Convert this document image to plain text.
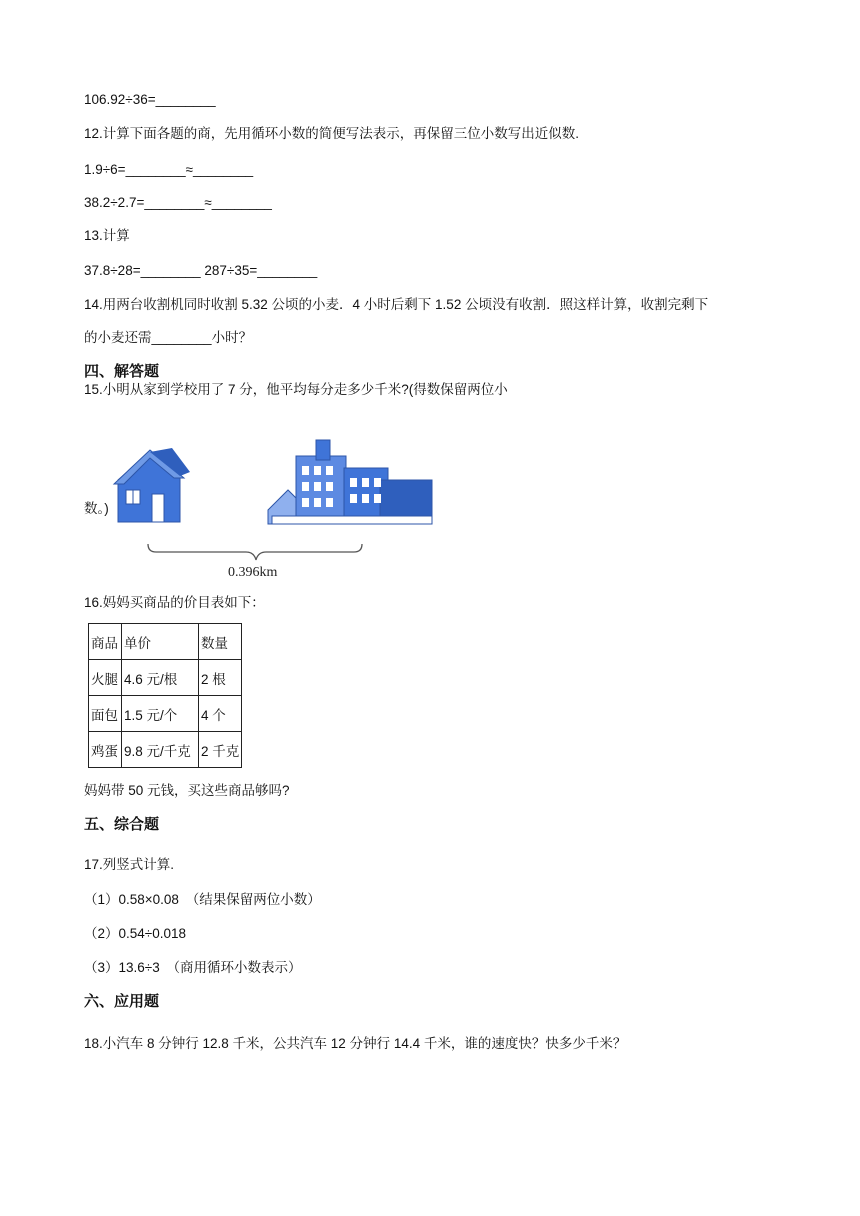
106.92÷36=________
12.计算下面各题的商，先用循环小数的简便写法表示，再保留三位小数写出近似数.
1.9÷6=________≈________
38.2÷2.7=________≈________
13.计算
37.8÷28=________ 287÷35=________
14.用两台收割机同时收割 5.32 公顷的小麦．4 小时后剩下 1.52 公顷没有收割．照这样计算，收割完剩下
的小麦还需________小时？
四、解答题
15.小明从家到学校用了 7 分，他平均每分走多少千米?(得数保留两位小
0.396km
数。)
16.妈妈买商品的价目表如下：
商品	单价	数量
火腿	4.6 元/根	2 根
面包	1.5 元/个	4 个
鸡蛋	9.8 元/千克	2 千克
妈妈带 50 元钱，买这些商品够吗?
五、综合题
17.列竖式计算.
（1）0.58×0.08　（结果保留两位小数）
（2）0.54÷0.018
（3）13.6÷3　（商用循环小数表示）
六、应用题
18.小汽车 8 分钟行 12.8 千米，公共汽车 12 分钟行 14.4 千米，谁的速度快？快多少千米？
